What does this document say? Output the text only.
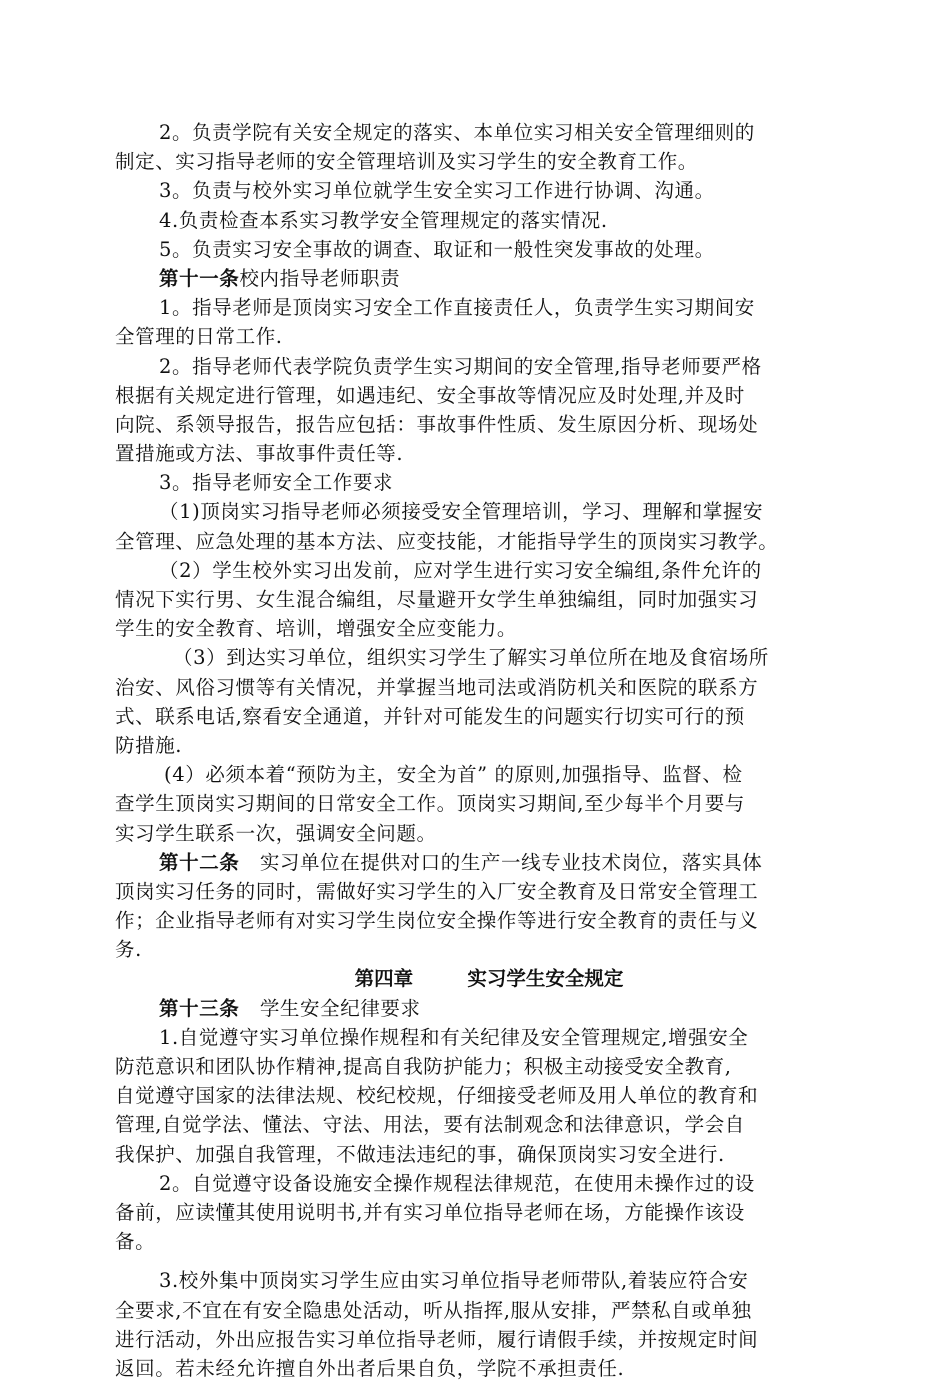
2。负责学院有关安全规定的落实、本单位实习相关安全管理细则的
制定、实习指导老师的安全管理培训及实习学生的安全教育工作。
3。负责与校外实习单位就学生安全实习工作进行协调、沟通。
4.负责检查本系实习教学安全管理规定的落实情况.
5。负责实习安全事故的调查、取证和一般性突发事故的处理。
第十一条校内指导老师职责
1。指导老师是顶岗实习安全工作直接责任人，负责学生实习期间安
全管理的日常工作.
2。指导老师代表学院负责学生实习期间的安全管理,指导老师要严格
根据有关规定进行管理，如遇违纪、安全事故等情况应及时处理,并及时
向院、系领导报告，报告应包括：事故事件性质、发生原因分析、现场处
置措施或方法、事故事件责任等.
3。指导老师安全工作要求
（1)顶岗实习指导老师必须接受安全管理培训，学习、理解和掌握安
全管理、应急处理的基本方法、应变技能，才能指导学生的顶岗实习教学。
（2）学生校外实习出发前，应对学生进行实习安全编组,条件允许的
情况下实行男、女生混合编组，尽量避开女学生单独编组，同时加强实习
学生的安全教育、培训，增强安全应变能力。
（3）到达实习单位，组织实习学生了解实习单位所在地及食宿场所
治安、风俗习惯等有关情况，并掌握当地司法或消防机关和医院的联系方
式、联系电话,察看安全通道，并针对可能发生的问题实行切实可行的预
防措施.
(4）必须本着“预防为主，安全为首” 的原则,加强指导、监督、检
查学生顶岗实习期间的日常安全工作。顶岗实习期间,至少每半个月要与
实习学生联系一次，强调安全问题。
第十二条 实习单位在提供对口的生产一线专业技术岗位，落实具体
顶岗实习任务的同时，需做好实习学生的入厂安全教育及日常安全管理工
作；企业指导老师有对实习学生岗位安全操作等进行安全教育的责任与义
务.
第四章	实习学生安全规定
第十三条 学生安全纪律要求
1.自觉遵守实习单位操作规程和有关纪律及安全管理规定,增强安全
防范意识和团队协作精神,提高自我防护能力；积极主动接受安全教育,
自觉遵守国家的法律法规、校纪校规，仔细接受老师及用人单位的教育和
管理,自觉学法、懂法、守法、用法，要有法制观念和法律意识，学会自
我保护、加强自我管理，不做违法违纪的事，确保顶岗实习安全进行.
2。自觉遵守设备设施安全操作规程法律规范，在使用未操作过的设
备前，应读懂其使用说明书,并有实习单位指导老师在场，方能操作该设
备。
3.校外集中顶岗实习学生应由实习单位指导老师带队,着装应符合安
全要求,不宜在有安全隐患处活动，听从指挥,服从安排，严禁私自或单独
进行活动，外出应报告实习单位指导老师，履行请假手续，并按规定时间
返回。若未经允许擅自外出者后果自负，学院不承担责任.
